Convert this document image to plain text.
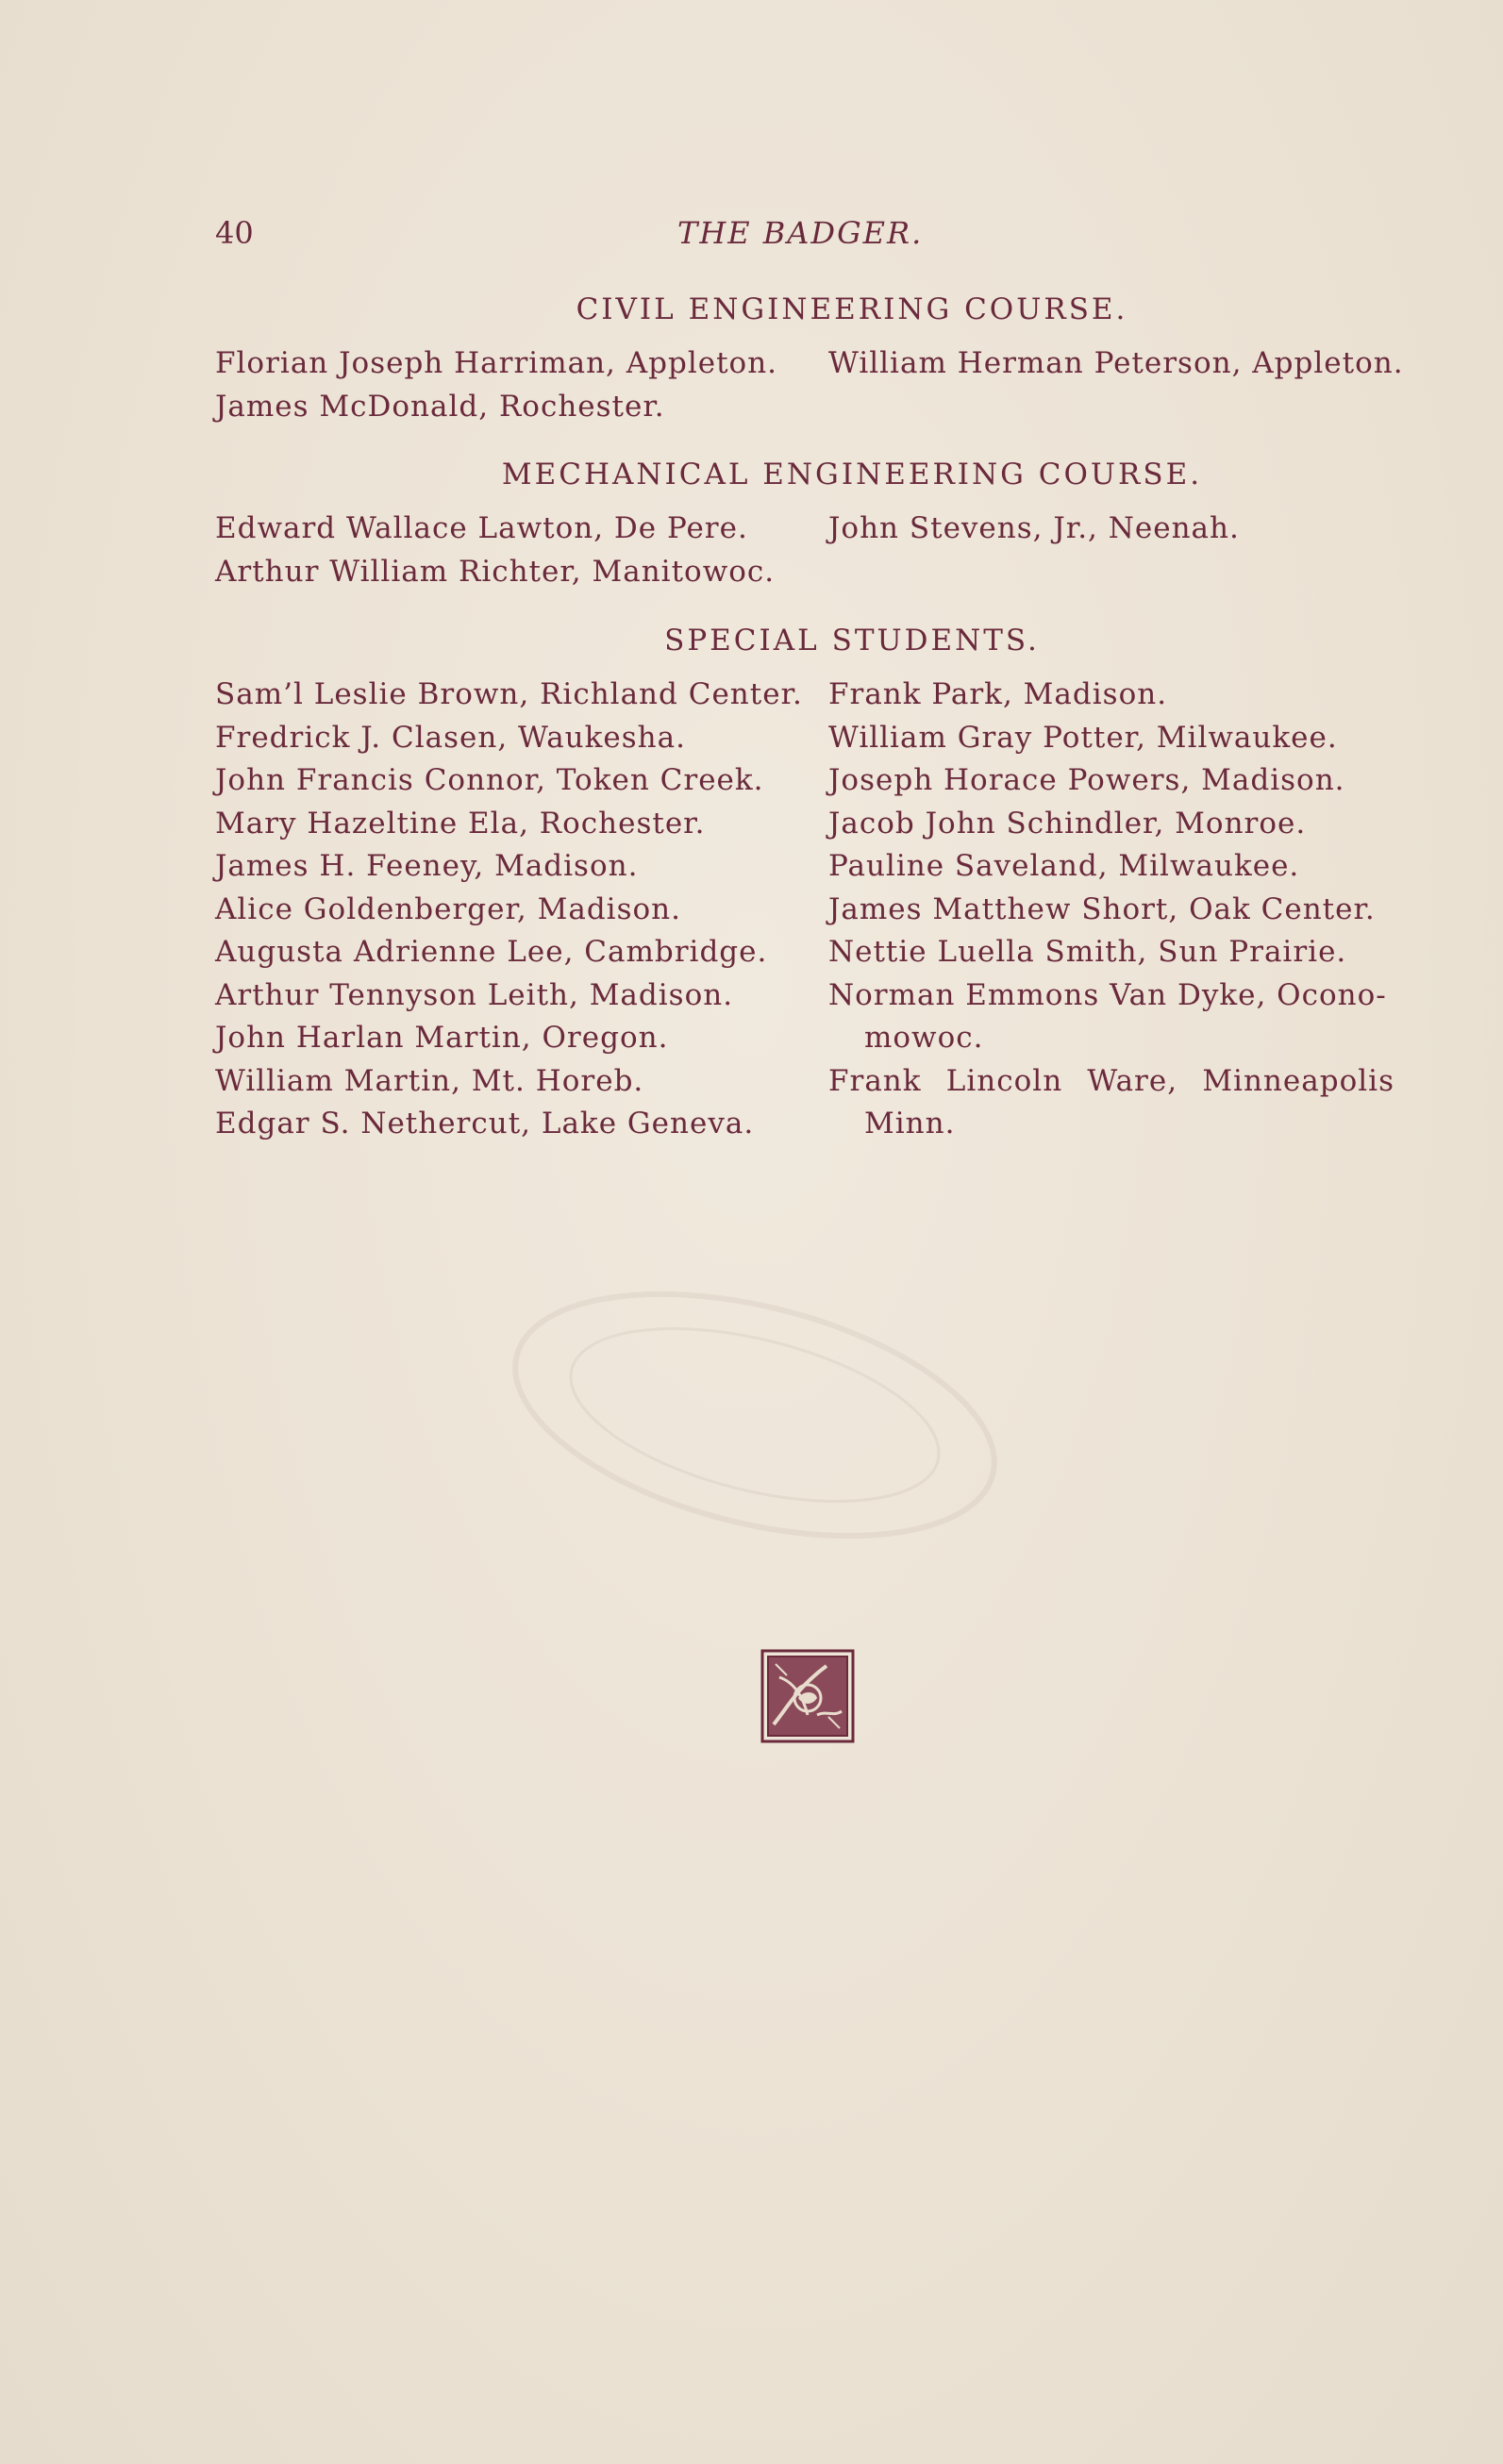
40	THE BADGER.
CIVIL ENGINEERING COURSE.
Florian Joseph Harriman, Appleton.
James McDonald, Rochester.
William Herman Peterson, Appleton.
MECHANICAL ENGINEERING COURSE.
Edward Wallace Lawton, De Pere.
Arthur William Richter, Manitowoc.
John Stevens, Jr., Neenah.
SPECIAL STUDENTS.
Sam’l Leslie Brown, Richland Center.
Fredrick J. Clasen, Waukesha.
John Francis Connor, Token Creek.
Mary Hazeltine Ela, Rochester.
James H. Feeney, Madison.
Alice Goldenberger, Madison.
Augusta Adrienne Lee, Cambridge.
Arthur Tennyson Leith, Madison.
John Harlan Martin, Oregon.
William Martin, Mt. Horeb.
Edgar S. Nethercut, Lake Geneva.
Frank Park, Madison.
William Gray Potter, Milwaukee.
Joseph Horace Powers, Madison.
Jacob John Schindler, Monroe.
Pauline Saveland, Milwaukee.
James Matthew Short, Oak Center.
Nettie Luella Smith, Sun Prairie.
Norman Emmons Van Dyke, Ocono-
mowoc.
Frank Lincoln Ware, Minneapolis
Minn.
